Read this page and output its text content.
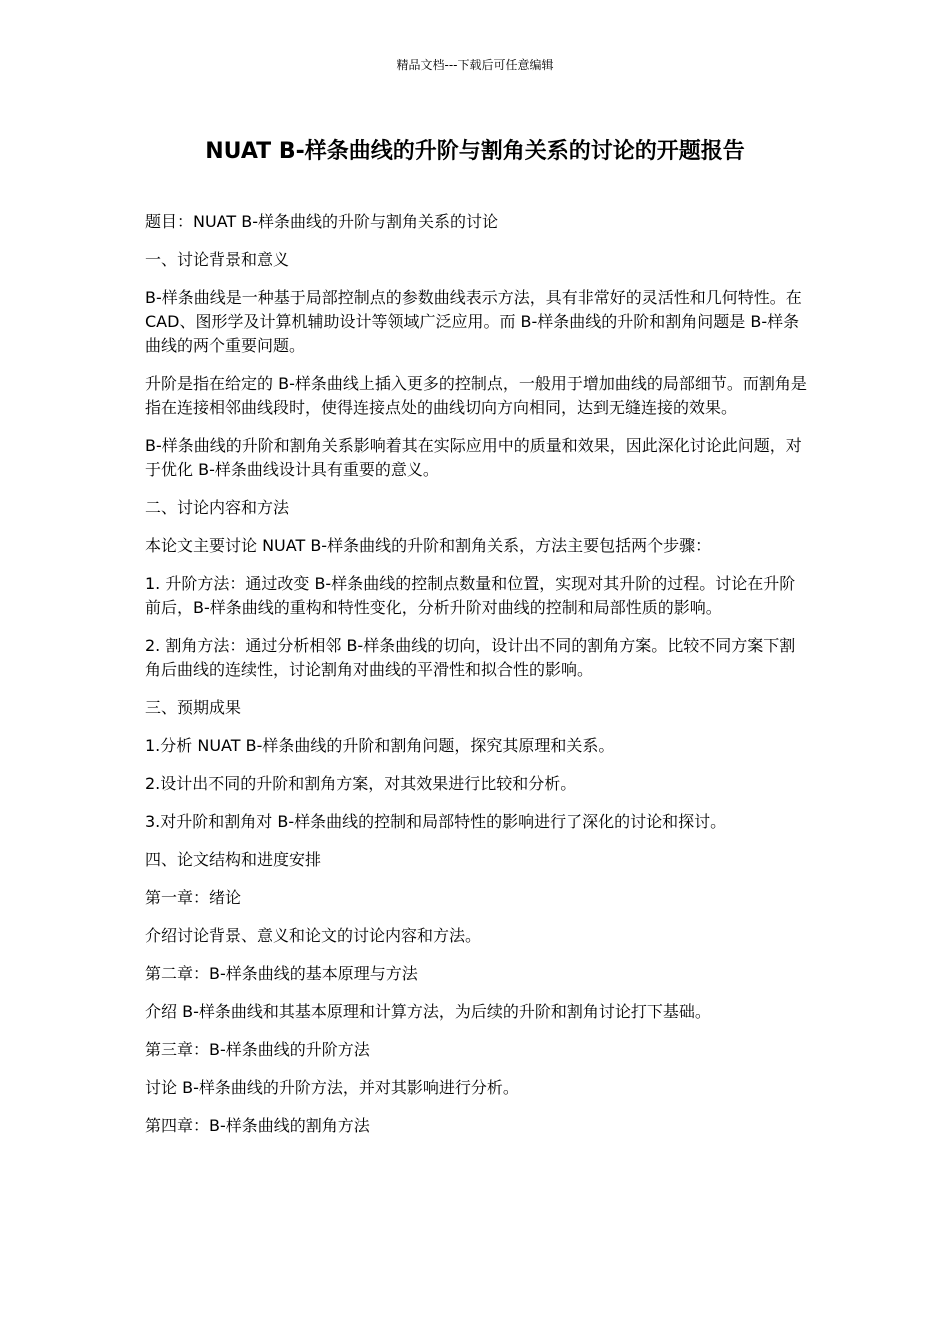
精品文档---下载后可任意编辑
NUAT B-样条曲线的升阶与割角关系的讨论的开题报告

题目：NUAT B-样条曲线的升阶与割角关系的讨论

一、讨论背景和意义

B-样条曲线是一种基于局部控制点的参数曲线表示方法，具有非常好的灵活性和几何特性。在 CAD、图形学及计算机辅助设计等领域广泛应用。而 B-样条曲线的升阶和割角问题是 B-样条曲线的两个重要问题。

升阶是指在给定的 B-样条曲线上插入更多的控制点，一般用于增加曲线的局部细节。而割角是指在连接相邻曲线段时，使得连接点处的曲线切向方向相同，达到无缝连接的效果。

B-样条曲线的升阶和割角关系影响着其在实际应用中的质量和效果，因此深化讨论此问题，对于优化 B-样条曲线设计具有重要的意义。

二、讨论内容和方法

本论文主要讨论 NUAT B-样条曲线的升阶和割角关系，方法主要包括两个步骤：

1. 升阶方法：通过改变 B-样条曲线的控制点数量和位置，实现对其升阶的过程。讨论在升阶前后，B-样条曲线的重构和特性变化，分析升阶对曲线的控制和局部性质的影响。

2. 割角方法：通过分析相邻 B-样条曲线的切向，设计出不同的割角方案。比较不同方案下割角后曲线的连续性，讨论割角对曲线的平滑性和拟合性的影响。

三、预期成果

1.分析 NUAT B-样条曲线的升阶和割角问题，探究其原理和关系。

2.设计出不同的升阶和割角方案，对其效果进行比较和分析。

3.对升阶和割角对 B-样条曲线的控制和局部特性的影响进行了深化的讨论和探讨。

四、论文结构和进度安排

第一章：绪论

介绍讨论背景、意义和论文的讨论内容和方法。

第二章：B-样条曲线的基本原理与方法

介绍 B-样条曲线和其基本原理和计算方法，为后续的升阶和割角讨论打下基础。

第三章：B-样条曲线的升阶方法

讨论 B-样条曲线的升阶方法，并对其影响进行分析。

第四章：B-样条曲线的割角方法
